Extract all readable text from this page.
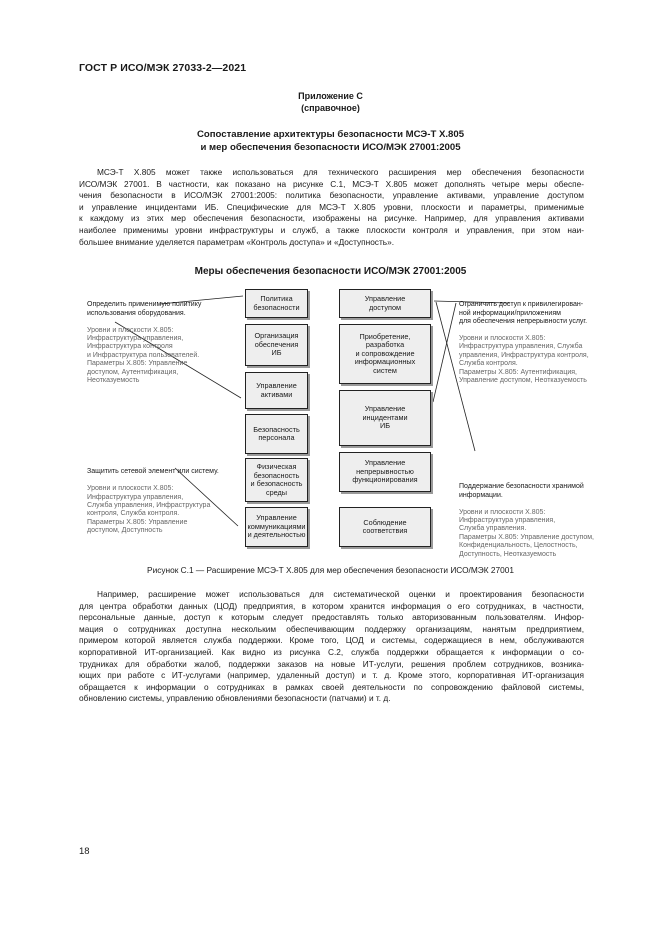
ГОСТ Р ИСО/МЭК 27033-2—2021
Приложение С
(справочное)
Сопоставление архитектуры безопасности МСЭ-Т Х.805
и мер обеспечения безопасности ИСО/МЭК 27001:2005
МСЭ-Т Х.805 может также использоваться для технического расширения мер обеспечения безопасности
ИСО/МЭК 27001. В частности, как показано на рисунке С.1, МСЭ-Т Х.805 может дополнять четыре меры обеспе-
чения безопасности в ИСО/МЭК 27001:2005: политика безопасности, управление активами, управление доступом
и управление инцидентами ИБ. Специфические для МСЭ-Т Х.805 уровни, плоскости и параметры, применимые
к каждому из этих мер обеспечения безопасности, изображены на рисунке. Например, для управления активами
наиболее применимы уровни инфраструктуры и служб, а также плоскости контроля и управления, при этом наи-
большее внимание уделяется параметрам «Контроль доступа» и «Доступность».
Меры обеспечения безопасности ИСО/МЭК 27001:2005
Политика
безопасности
Организация
обеспечения
ИБ
Управление
активами
Безопасность
персонала
Физическая
безопасность
и безопасность
среды
Управление
коммуникациями
и деятельностью
Управление
доступом
Приобретение,
разработка
и сопровождение
информационных
систем
Управление
инцидентами
ИБ
Управление
непрерывностью
функционирования
Соблюдение
соответствия

Определить применимую политику
использования оборудования.

Уровни и плоскости Х.805:
Инфраструктура управления,
Инфраструктура контроля
и Инфраструктура пользователей.
Параметры Х.805: Управление
доступом, Аутентификация,
Неотказуемость

Защитить сетевой элемент или систему.

Уровни и плоскости Х.805:
Инфраструктура управления,
Служба управления, Инфраструктура
контроля, Служба контроля.
Параметры Х.805: Управление
доступом, Доступность

Ограничить доступ к привилегирован-
ной информации/приложениям
для обеспечения непрерывности услуг.

Уровни и плоскости Х.805:
Инфраструктура управления, Служба
управления, Инфраструктура контроля,
Служба контроля.
Параметры Х.805: Аутентификация,
Управление доступом, Неотказуемость

Поддержание безопасности хранимой
информации.

Уровни и плоскости Х.805:
Инфраструктура управления,
Служба управления.
Параметры Х.805: Управление доступом,
Конфиденциальность, Целостность,
Доступность, Неотказуемость

Рисунок С.1 — Расширение МСЭ-Т Х.805 для мер обеспечения безопасности ИСО/МЭК 27001
Например, расширение может использоваться для систематической оценки и проектирования безопасности
для центра обработки данных (ЦОД) предприятия, в котором хранится информация о его сотрудниках, в частности,
персональные данные, доступ к которым следует предоставлять только авторизованным пользователям. Инфор-
мация о сотрудниках доступна нескольким обеспечивающим поддержку организациям, нанятым предприятием,
примером которой является служба поддержки. Кроме того, ЦОД и системы, содержащиеся в нем, обслуживаются
корпоративной ИТ-организацией. Как видно из рисунка С.2, служба поддержки обращается к информации о со-
трудниках для обработки жалоб, поддержки заказов на новые ИТ-услуги, решения проблем сотрудников, возника-
ющих при работе с ИТ-услугами (например, удаленный доступ) и т. д. Кроме этого, корпоративная ИТ-организация
обращается к информации о сотрудниках в рамках своей деятельности по сопровождению файловой системы,
обновлению системы, управлению обновлениями безопасности (патчами) и т. д.
18
